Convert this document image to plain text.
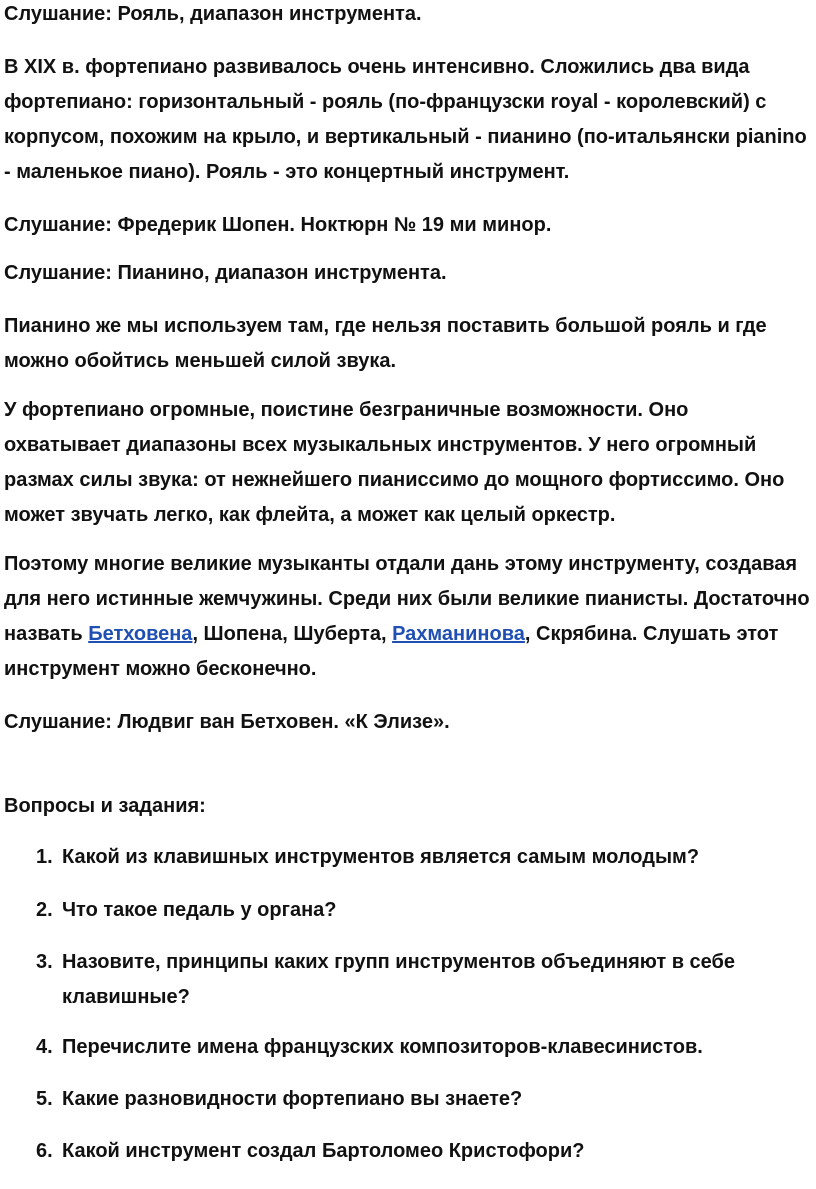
Слушание: Рояль, диапазон инструмента.

В XIX в. фортепиано развивалось очень интенсивно. Сложились два вида фортепиано: горизонтальный - рояль (по-французски royal - королевский) с корпусом, похожим на крыло, и вертикальный - пианино (по-итальянски pianino - маленькое пиано). Рояль - это концертный инструмент.

Слушание: Фредерик Шопен. Ноктюрн № 19 ми минор.

Слушание: Пианино, диапазон инструмента.

Пианино же мы используем там, где нельзя поставить большой рояль и где можно обойтись меньшей силой звука.

У фортепиано огромные, поистине безграничные возможности. Оно охватывает диапазоны всех музыкальных инструментов. У него огромный размах силы звука: от нежнейшего пианиссимо до мощного фортиссимо. Оно может звучать легко, как флейта, а может как целый оркестр.

Поэтому многие великие музыканты отдали дань этому инструменту, создавая для него истинные жемчужины. Среди них были великие пианисты. Достаточно назвать Бетховена, Шопена, Шуберта, Рахманинова, Скрябина. Слушать этот инструмент можно бесконечно.

Слушание: Людвиг ван Бетховен. «К Элизе».

Вопросы и задания:

1. Какой из клавишных инструментов является самым молодым?
2. Что такое педаль у органа?
3. Назовите, принципы каких групп инструментов объединяют в себе клавишные?
4. Перечислите имена французских композиторов-клавесинистов.
5. Какие разновидности фортепиано вы знаете?
6. Какой инструмент создал Бартоломео Кристофори?
